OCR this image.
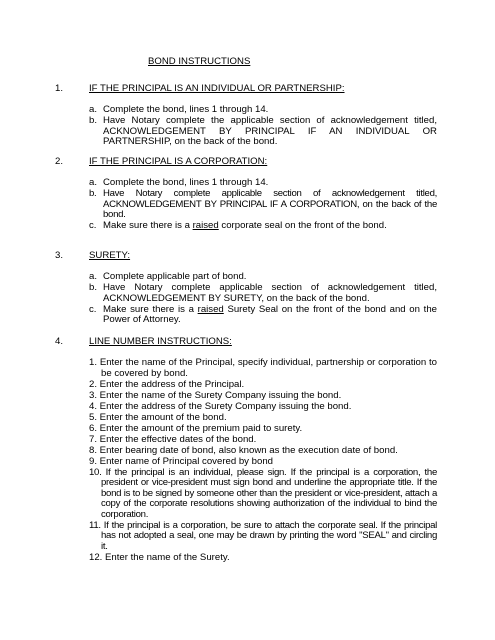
BOND INSTRUCTIONS
1.	IF THE PRINCIPAL IS AN INDIVIDUAL OR PARTNERSHIP:
a. Complete the bond, lines 1 through 14.
b. Have Notary complete the applicable section of acknowledgement titled, ACKNOWLEDGEMENT BY PRINCIPAL IF AN INDIVIDUAL OR PARTNERSHIP, on the back of the bond.
2.	IF THE PRINCIPAL IS A CORPORATION:
a. Complete the bond, lines 1 through 14.
b. Have Notary complete applicable section of acknowledgement titled, ACKNOWLEDGEMENT BY PRINCIPAL IF A CORPORATION, on the back of the bond.
c. Make sure there is a raised corporate seal on the front of the bond.
3.	SURETY:
a. Complete applicable part of bond.
b. Have Notary complete applicable section of acknowledgement titled, ACKNOWLEDGEMENT BY SURETY, on the back of the bond.
c. Make sure there is a raised Surety Seal on the front of the bond and on the Power of Attorney.
4.	LINE NUMBER INSTRUCTIONS:
1. Enter the name of the Principal, specify individual, partnership or corporation to be covered by bond.
2. Enter the address of the Principal.
3. Enter the name of the Surety Company issuing the bond.
4. Enter the address of the Surety Company issuing the bond.
5. Enter the amount of the bond.
6. Enter the amount of the premium paid to surety.
7. Enter the effective dates of the bond.
8. Enter bearing date of bond, also known as the execution date of bond.
9. Enter name of Principal covered by bond
10. If the principal is an individual, please sign. If the principal is a corporation, the president or vice-president must sign bond and underline the appropriate title. If the bond is to be signed by someone other than the president or vice-president, attach a copy of the corporate resolutions showing authorization of the individual to bind the corporation.
11. If the principal is a corporation, be sure to attach the corporate seal. If the principal has not adopted a seal, one may be drawn by printing the word "SEAL" and circling it.
12. Enter the name of the Surety.
